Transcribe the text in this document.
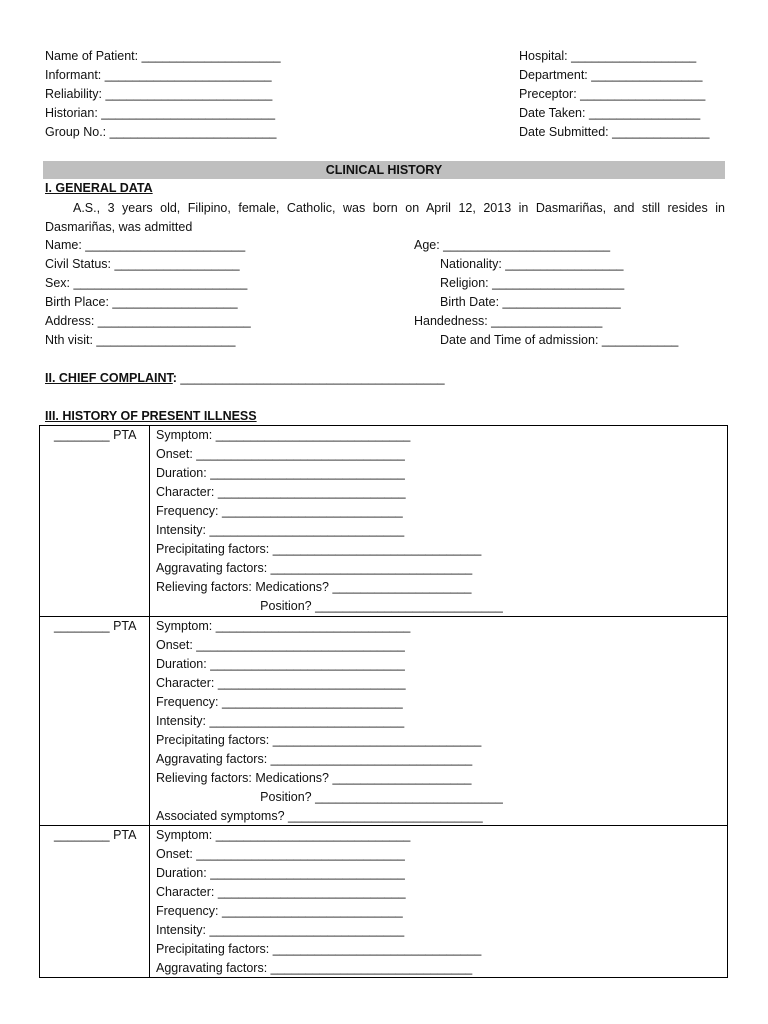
Name of Patient: ____________________
Informant: ________________________
Reliability: ________________________
Historian: _________________________
Group No.: ________________________
Hospital: __________________
Department: ________________
Preceptor: __________________
Date Taken: ________________
Date Submitted: ______________
CLINICAL HISTORY
I. GENERAL DATA
A.S., 3 years old, Filipino, female, Catholic, was born on April 12, 2013 in Dasmariñas, and still resides in Dasmariñas, was admitted
Name: _______________________
Civil Status: __________________
Sex: _________________________
Birth Place: __________________
Address: ______________________
Nth visit: ____________________
Age: ________________________
Nationality: _________________
Religion: ___________________
Birth Date: _________________
Handedness: ________________
Date and Time of admission: ___________
II. CHIEF COMPLAINT: ______________________________________
III. HISTORY OF PRESENT ILLNESS
________ PTA Symptom: ____________________________
Onset: ______________________________
Duration: ____________________________
Character: ___________________________
Frequency: __________________________
Intensity: ____________________________
Precipitating factors: ______________________________
Aggravating factors: _____________________________
Relieving factors: Medications? ____________________
Position? ___________________________
________ PTA Symptom: ____________________________
Onset: ______________________________
Duration: ____________________________
Character: ___________________________
Frequency: __________________________
Intensity: ____________________________
Precipitating factors: ______________________________
Aggravating factors: _____________________________
Relieving factors: Medications? ____________________
Position? ___________________________
Associated symptoms? ____________________________
________ PTA Symptom: ____________________________
Onset: ______________________________
Duration: ____________________________
Character: ___________________________
Frequency: __________________________
Intensity: ____________________________
Precipitating factors: ______________________________
Aggravating factors: _____________________________
